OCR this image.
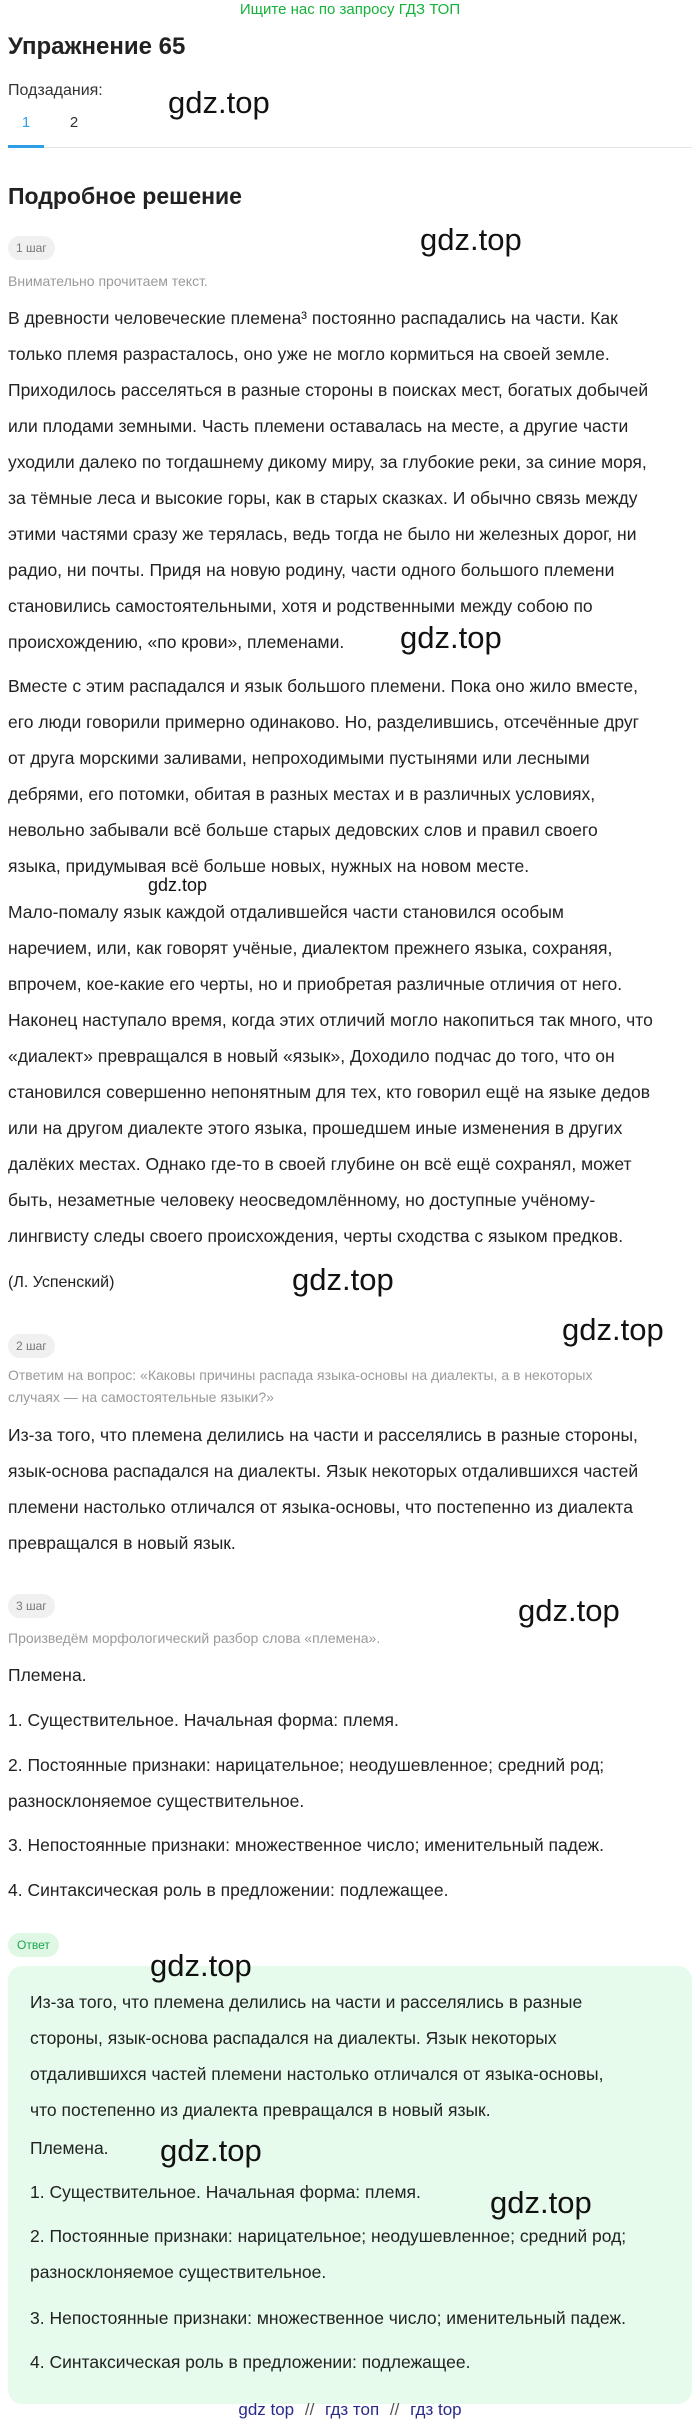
Ищите нас по запросу ГДЗ ТОП
Упражнение 65
Подзадания:
1	2
Подробное решение
1 шаг
Внимательно прочитаем текст.
В древности человеческие племена³ постоянно распадались на части. Как
только племя разрасталось, оно уже не могло кормиться на своей земле.
Приходилось расселяться в разные стороны в поисках мест, богатых добычей
или плодами земными. Часть племени оставалась на месте, а другие части
уходили далеко по тогдашнему дикому миру, за глубокие реки, за синие моря,
за тёмные леса и высокие горы, как в старых сказках. И обычно связь между
этими частями сразу же терялась, ведь тогда не было ни железных дорог, ни
радио, ни почты. Придя на новую родину, части одного большого племени
становились самостоятельными, хотя и родственными между собою по
происхождению, «по крови», племенами.
Вместе с этим распадался и язык большого племени. Пока оно жило вместе,
его люди говорили примерно одинаково. Но, разделившись, отсечённые друг
от друга морскими заливами, непроходимыми пустынями или лесными
дебрями, его потомки, обитая в разных местах и в различных условиях,
невольно забывали всё больше старых дедовских слов и правил своего
языка, придумывая всё больше новых, нужных на новом месте.
Мало-помалу язык каждой отдалившейся части становился особым
наречием, или, как говорят учёные, диалектом прежнего языка, сохраняя,
впрочем, кое-какие его черты, но и приобретая различные отличия от него.
Наконец наступало время, когда этих отличий могло накопиться так много, что
«диалект» превращался в новый «язык», Доходило подчас до того, что он
становился совершенно непонятным для тех, кто говорил ещё на языке дедов
или на другом диалекте этого языка, прошедшем иные изменения в других
далёких местах. Однако где-то в своей глубине он всё ещё сохранял, может
быть, незаметные человеку неосведомлённому, но доступные учёному-
лингвисту следы своего происхождения, черты сходства с языком предков.
(Л. Успенский)
2 шаг
Ответим на вопрос: «Каковы причины распада языка-основы на диалекты, а в некоторых
случаях — на самостоятельные языки?»
Из-за того, что племена делились на части и расселялись в разные стороны,
язык-основа распадался на диалекты. Язык некоторых отдалившихся частей
племени настолько отличался от языка-основы, что постепенно из диалекта
превращался в новый язык.
3 шаг
Произведём морфологический разбор слова «племена».
Племена.
1. Существительное. Начальная форма: племя.
2. Постоянные признаки: нарицательное; неодушевленное; средний род;
разносклоняемое существительное.
3. Непостоянные признаки: множественное число; именительный падеж.
4. Синтаксическая роль в предложении: подлежащее.
Ответ
Из-за того, что племена делились на части и расселялись в разные
стороны, язык-основа распадался на диалекты. Язык некоторых
отдалившихся частей племени настолько отличался от языка-основы,
что постепенно из диалекта превращался в новый язык.
Племена.
1. Существительное. Начальная форма: племя.
2. Постоянные признаки: нарицательное; неодушевленное; средний род;
разносклоняемое существительное.
3. Непостоянные признаки: множественное число; именительный падеж.
4. Синтаксическая роль в предложении: подлежащее.
gdz.top
gdz.top
gdz.top
gdz.top
gdz.top
gdz.top
gdz.top
gdz.top
gdz.top
gdz.top
gdz top // гдз топ // гдз top
